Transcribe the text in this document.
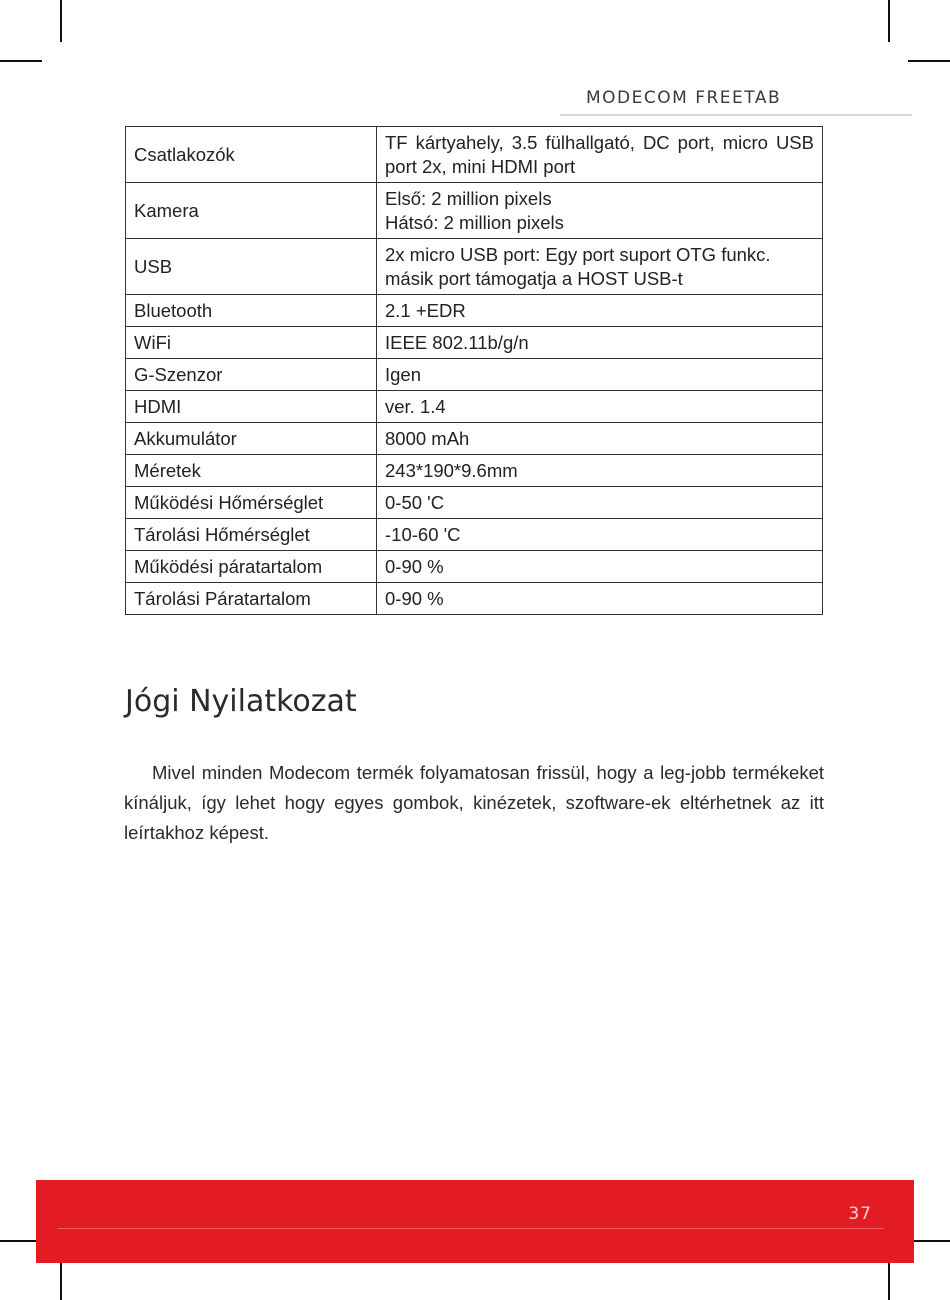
MODECOM FREETAB
Csatlakozók	TF kártyahely, 3.5 fülhallgató, DC port, micro USB port 2x, mini HDMI port

Kamera	Első: 2 million pixels
Hátsó: 2 million pixels

USB	2x micro USB port: Egy port suport OTG funkc.
másik port támogatja a HOST USB-t

Bluetooth	2.1 +EDR

WiFi	IEEE 802.11b/g/n

G-Szenzor	Igen

HDMI	ver. 1.4

Akkumulátor	8000 mAh

Méretek	243*190*9.6mm

Működési Hőmérséglet	0-50 'C

Tárolási Hőmérséglet	-10-60 'C

Működési páratartalom	0-90 %

Tárolási Páratartalom	0-90 %
Jógi Nyilatkozat
Mivel minden Modecom termék folyamatosan frissül, hogy a leg-jobb termékeket kínáljuk, így lehet hogy egyes gombok, kinézetek, szoftware-ek eltérhetnek az itt leírtakhoz képest.
37
